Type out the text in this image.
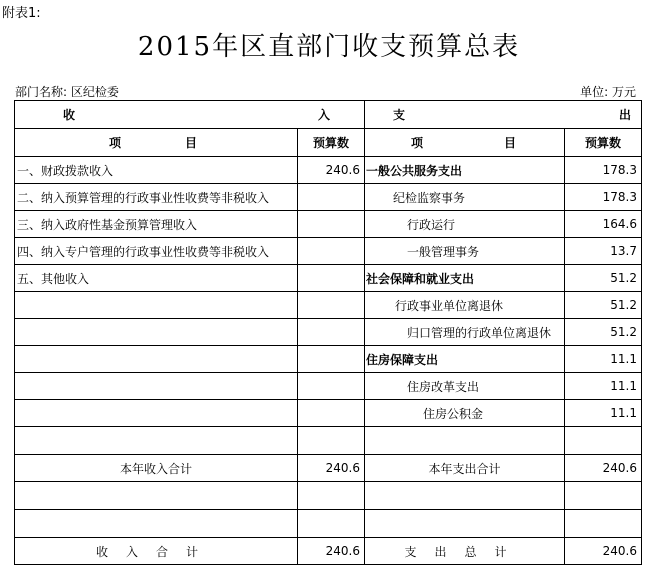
附表1:
2015年区直部门收支预算总表
部门名称: 区纪检委	单位: 万元
收 入		支 出	

项 目	预算数	项 目	预算数
一、财政拨款收入	240.6	一般公共服务支出	178.3
二、纳入预算管理的行政事业性收费等非税收入		纪检监察事务	178.3
三、纳入政府性基金预算管理收入		行政运行	164.6
四、纳入专户管理的行政事业性收费等非税收入		一般管理事务	13.7
五、其他收入		社会保障和就业支出	51.2
		行政事业单位离退休	51.2
		归口管理的行政单位离退休	51.2
		住房保障支出	11.1
		住房改革支出	11.1
		住房公积金	11.1

本年收入合计	240.6	本年支出合计	240.6

收入合计	240.6	支出总计	240.6
